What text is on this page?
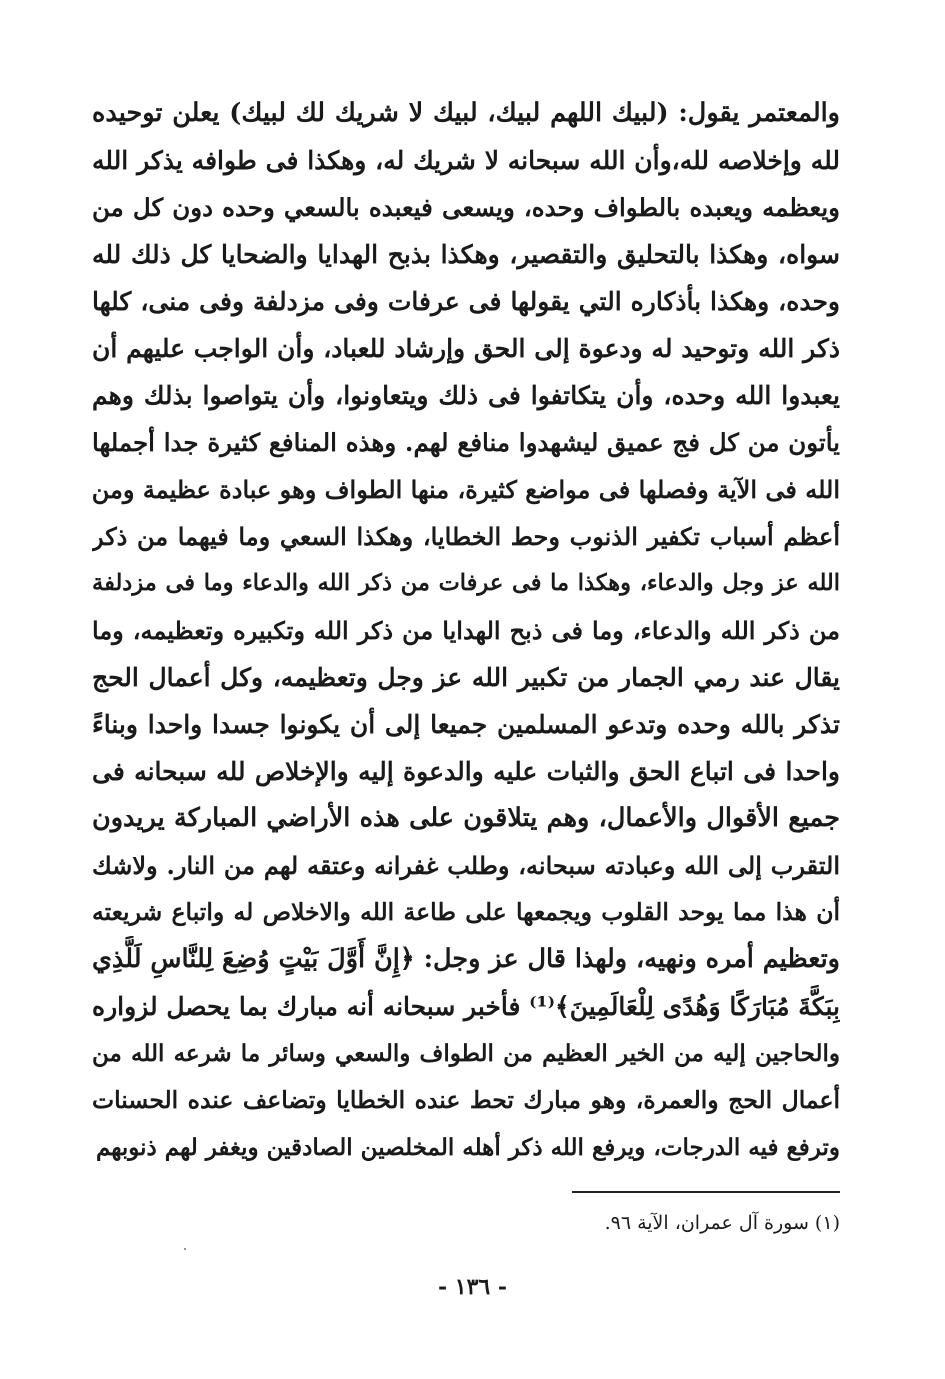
والمعتمر يقول: (لبيك اللهم لبيك، لبيك لا شريك لك لبيك) يعلن توحيده
لله وإخلاصه لله،وأن الله سبحانه لا شريك له، وهكذا فى طوافه يذكر الله
ويعظمه ويعبده بالطواف وحده، ويسعى فيعبده بالسعي وحده دون كل من
سواه، وهكذا بالتحليق والتقصير، وهكذا بذبح الهدايا والضحايا كل ذلك لله
وحده، وهكذا بأذكاره التي يقولها فى عرفات وفى مزدلفة وفى منى، كلها
ذكر الله وتوحيد له ودعوة إلى الحق وإرشاد للعباد، وأن الواجب عليهم أن
يعبدوا الله وحده، وأن يتكاتفوا فى ذلك ويتعاونوا، وأن يتواصوا بذلك وهم
يأتون من كل فج عميق ليشهدوا منافع لهم. وهذه المنافع كثيرة جدا أجملها
الله فى الآية وفصلها فى مواضع كثيرة، منها الطواف وهو عبادة عظيمة ومن
أعظم أسباب تكفير الذنوب وحط الخطايا، وهكذا السعي وما فيهما من ذكر
الله عز وجل والدعاء، وهكذا ما فى عرفات من ذكر الله والدعاء وما فى مزدلفة
من ذكر الله والدعاء، وما فى ذبح الهدايا من ذكر الله وتكبيره وتعظيمه، وما
يقال عند رمي الجمار من تكبير الله عز وجل وتعظيمه، وكل أعمال الحج
تذكر بالله وحده وتدعو المسلمين جميعا إلى أن يكونوا جسدا واحدا وبناءً
واحدا فى اتباع الحق والثبات عليه والدعوة إليه والإخلاص لله سبحانه فى
جميع الأقوال والأعمال، وهم يتلاقون على هذه الأراضي المباركة يريدون
التقرب إلى الله وعبادته سبحانه، وطلب غفرانه وعتقه لهم من النار. ولاشك
أن هذا مما يوحد القلوب ويجمعها على طاعة الله والاخلاص له واتباع شريعته
وتعظيم أمره ونهيه، ولهذا قال عز وجل: ﴿إِنَّ أَوَّلَ بَيْتٍ وُضِعَ لِلنَّاسِ لَلَّذِي
بِبَكَّةَ مُبَارَكًا وَهُدًى لِلْعَالَمِينَ﴾⁽¹⁾ فأخبر سبحانه أنه مبارك بما يحصل لزواره
والحاجين إليه من الخير العظيم من الطواف والسعي وسائر ما شرعه الله من
أعمال الحج والعمرة، وهو مبارك تحط عنده الخطايا وتضاعف عنده الحسنات
وترفع فيه الدرجات، ويرفع الله ذكر أهله المخلصين الصادقين ويغفر لهم ذنوبهم
(١) سورة آل عمران، الآية ٩٦.
- ١٣٦ -
